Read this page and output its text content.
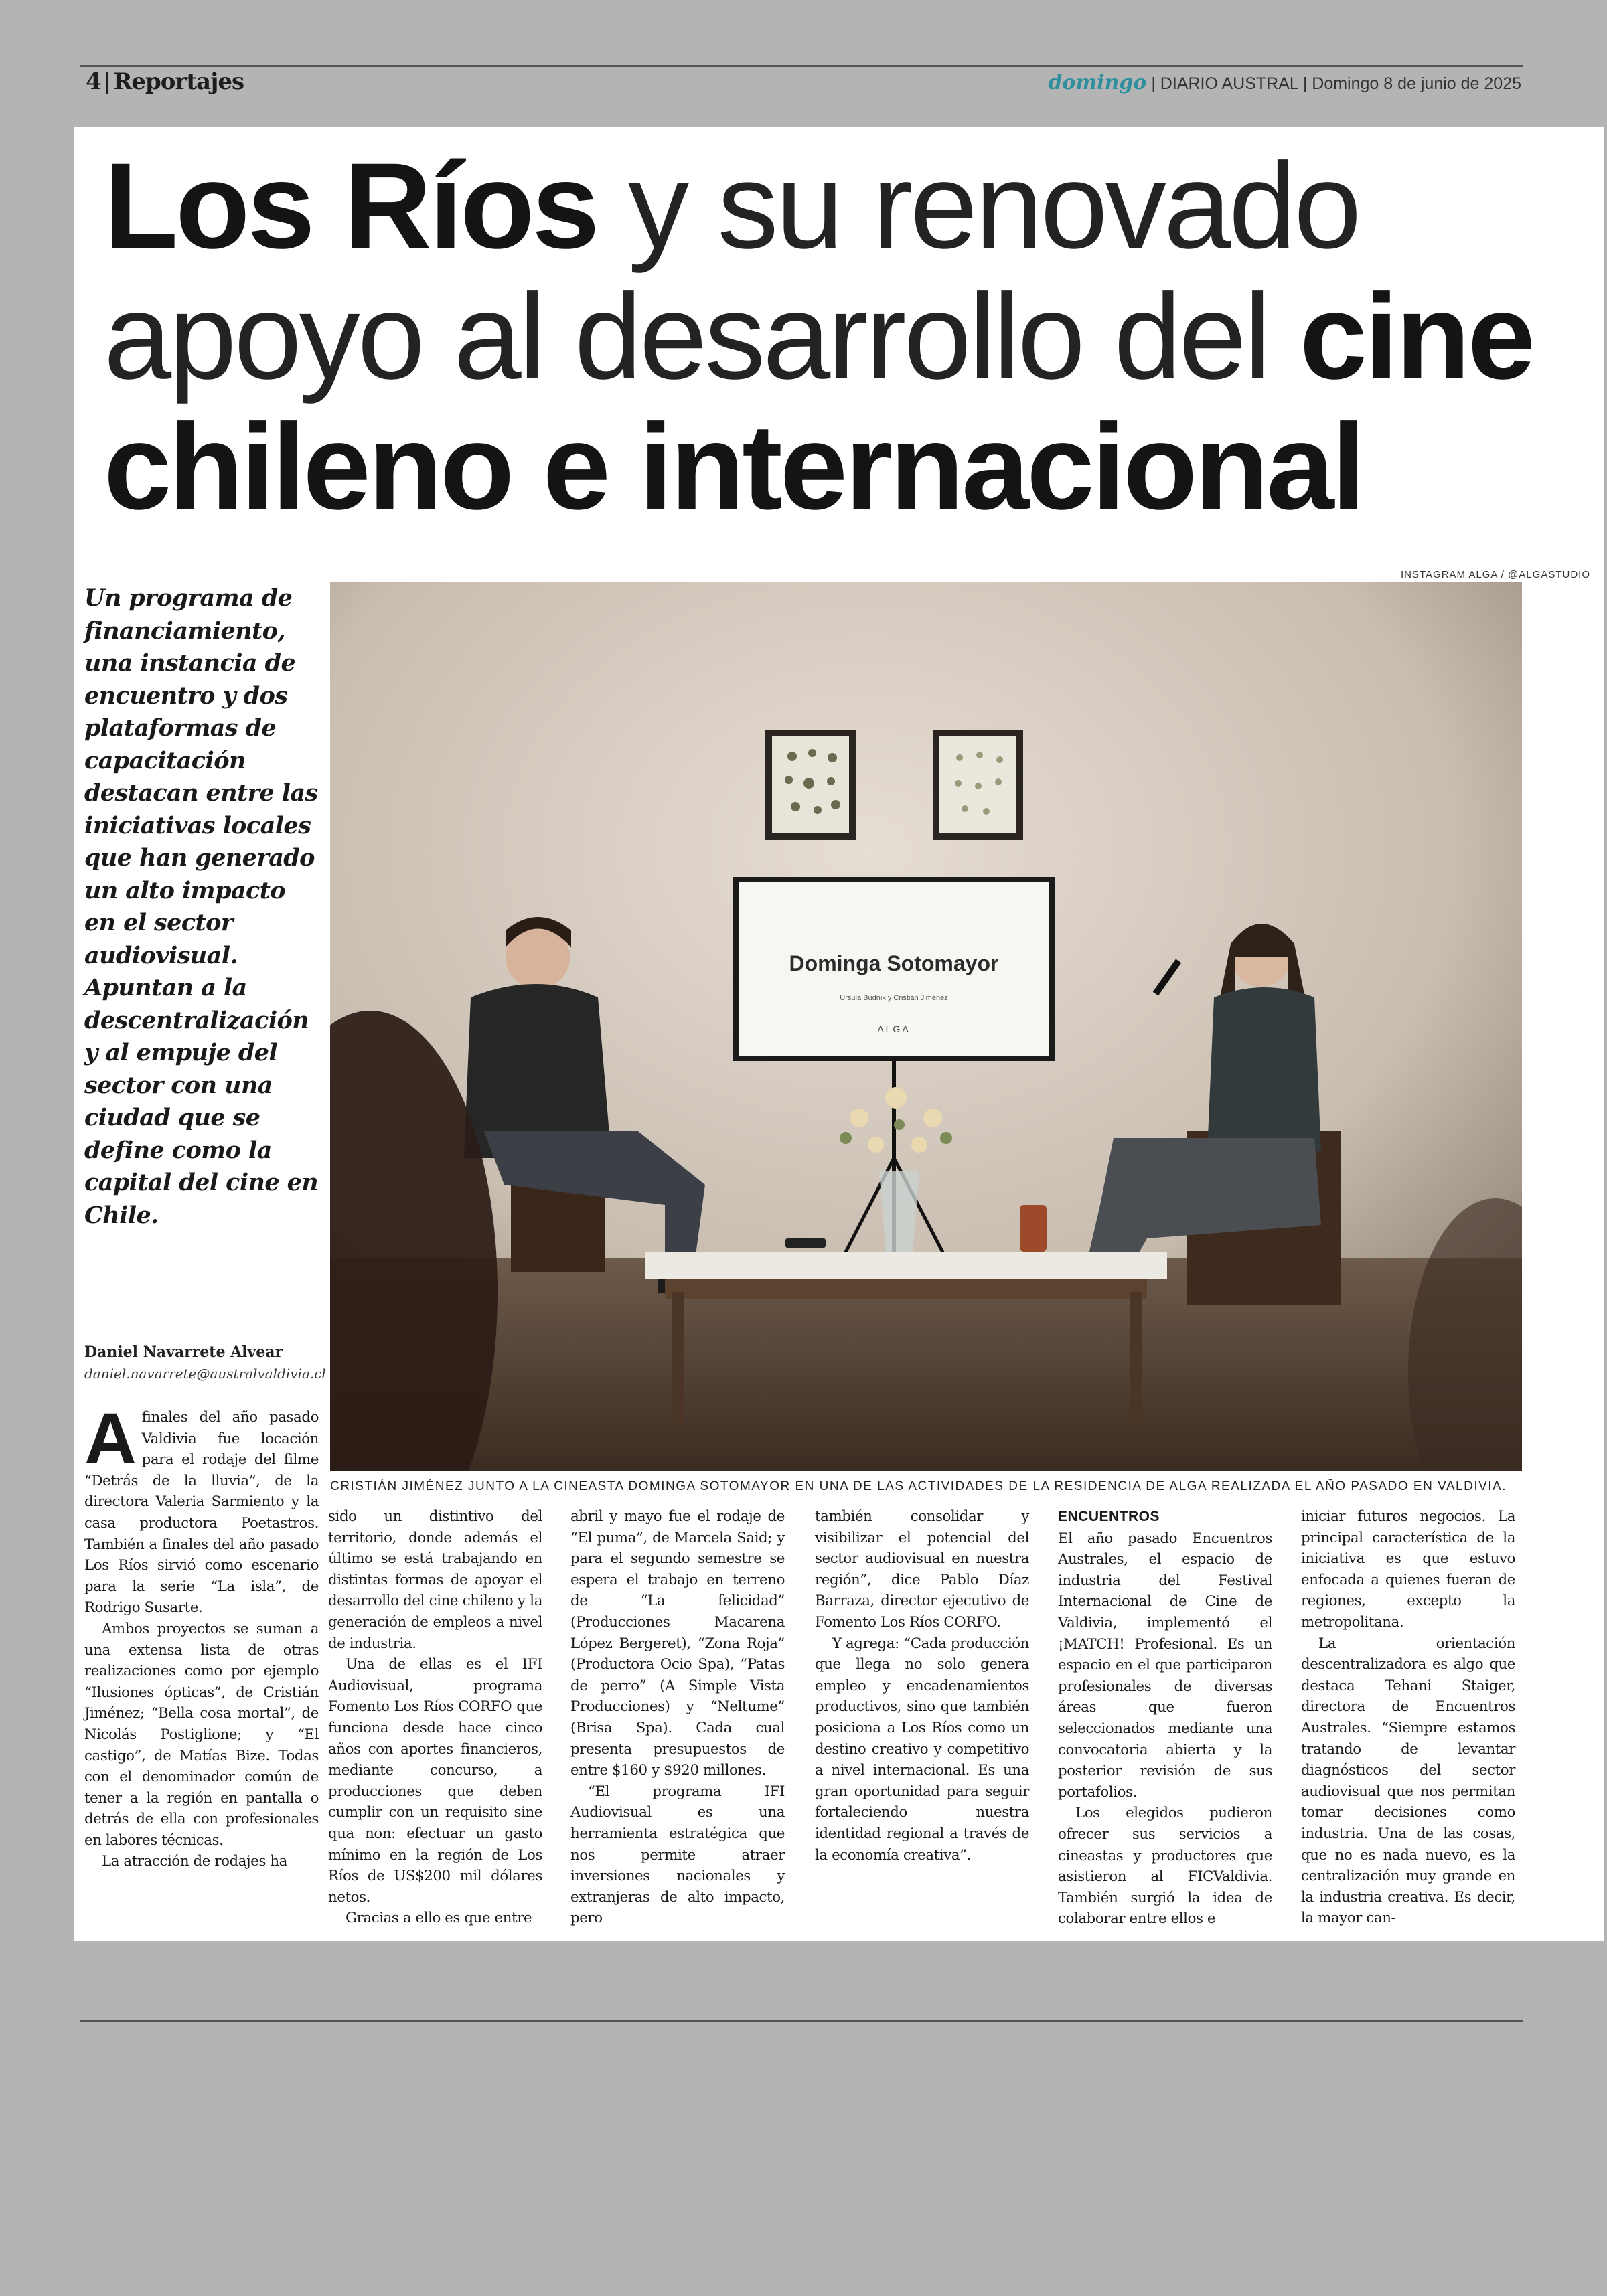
4 | Reportajes	domingo | DIARIO AUSTRAL | Domingo 8 de junio de 2025
Los Ríos y su renovado apoyo al desarrollo del cine chileno e internacional
INSTAGRAM ALGA / @ALGASTUDIO
Dominga Sotomayor
Ursula Budnik y Cristián Jiménez
ALGA
CRISTIÁN JIMÉNEZ JUNTO A LA CINEASTA DOMINGA SOTOMAYOR EN UNA DE LAS ACTIVIDADES DE LA RESIDENCIA DE ALGA REALIZADA EL AÑO PASADO EN VALDIVIA.
Un programa de financiamiento, una instancia de encuentro y dos plataformas de capacitación destacan entre las iniciativas locales que han generado un alto impacto en el sector audiovisual. Apuntan a la descentralización y al empuje del sector con una ciudad que se define como la capital del cine en Chile.
Daniel Navarrete Alvear
daniel.navarrete@australvaldivia.cl

Afinales del año pasado Valdivia fue locación para el rodaje del filme “Detrás de la lluvia”, de la directora Valeria Sarmiento y la casa productora Poetastros. También a finales del año pasado Los Ríos sirvió como escenario para la serie “La isla”, de Rodrigo Susarte.

Ambos proyectos se suman a una extensa lista de otras realizaciones como por ejemplo “Ilusiones ópticas”, de Cristián Jiménez; “Bella cosa mortal”, de Nicolás Postiglione; y “El castigo”, de Matías Bize. Todas con el denominador común de tener a la región en pantalla o detrás de ella con profesionales en labores técnicas.

La atracción de rodajes ha

sido un distintivo del territorio, donde además el último se está trabajando en distintas formas de apoyar el desarrollo del cine chileno y la generación de empleos a nivel de industria.

Una de ellas es el IFI Audiovisual, programa Fomento Los Ríos CORFO que funciona desde hace cinco años con aportes financieros, mediante concurso, a producciones que deben cumplir con un requisito sine qua non: efectuar un gasto mínimo en la región de Los Ríos de US$200 mil dólares netos.

Gracias a ello es que entre

abril y mayo fue el rodaje de “El puma”, de Marcela Said; y para el segundo semestre se espera el trabajo en terreno de “La felicidad” (Producciones Macarena López Bergeret), “Zona Roja” (Productora Ocio Spa), “Patas de perro” (A Simple Vista Producciones) y “Neltume” (Brisa Spa). Cada cual presenta presupuestos de entre $160 y $920 millones.

“El programa IFI Audiovisual es una herramienta estratégica que nos permite atraer inversiones nacionales y extranjeras de alto impacto, pero

también consolidar y visibilizar el potencial del sector audiovisual en nuestra región”, dice Pablo Díaz Barraza, director ejecutivo de Fomento Los Ríos CORFO.

Y agrega: “Cada producción que llega no solo genera empleo y encadenamientos productivos, sino que también posiciona a Los Ríos como un destino creativo y competitivo a nivel internacional. Es una gran oportunidad para seguir fortaleciendo nuestra identidad regional a través de la economía creativa”.

ENCUENTROS

El año pasado Encuentros Australes, el espacio de industria del Festival Internacional de Cine de Valdivia, implementó el ¡MATCH! Profesional. Es un espacio en el que participaron profesionales de diversas áreas que fueron seleccionados mediante una convocatoria abierta y la posterior revisión de sus portafolios.

Los elegidos pudieron ofrecer sus servicios a cineastas y productores que asistieron al FICValdivia. También surgió la idea de colaborar entre ellos e

iniciar futuros negocios. La principal característica de la iniciativa es que estuvo enfocada a quienes fueran de regiones, excepto la metropolitana.

La orientación descentralizadora es algo que destaca Tehani Staiger, directora de Encuentros Australes. “Siempre estamos tratando de levantar diagnósticos del sector audiovisual que nos permitan tomar decisiones como industria. Una de las cosas, que no es nada nuevo, es la centralización muy grande en la industria creativa. Es decir, la mayor can-
